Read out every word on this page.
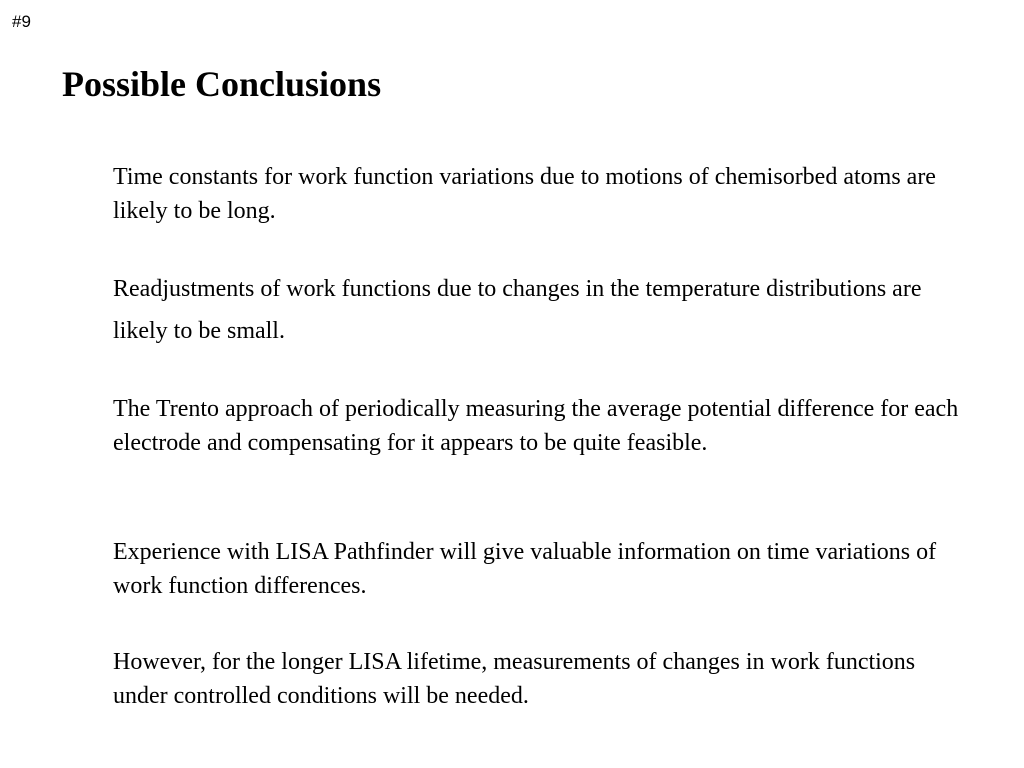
#9
Possible Conclusions

Time constants for work function variations due to motions of chemisorbed atoms are likely to be long.

Readjustments of work functions due to changes in the temperature distributions are likely to be small.

The Trento approach of periodically measuring the average potential difference for each electrode and compensating for it appears to be quite feasible.

Experience with LISA Pathfinder will give valuable information on time variations of work function differences.

However, for the longer LISA lifetime, measurements of changes in work functions under controlled conditions will be needed.
